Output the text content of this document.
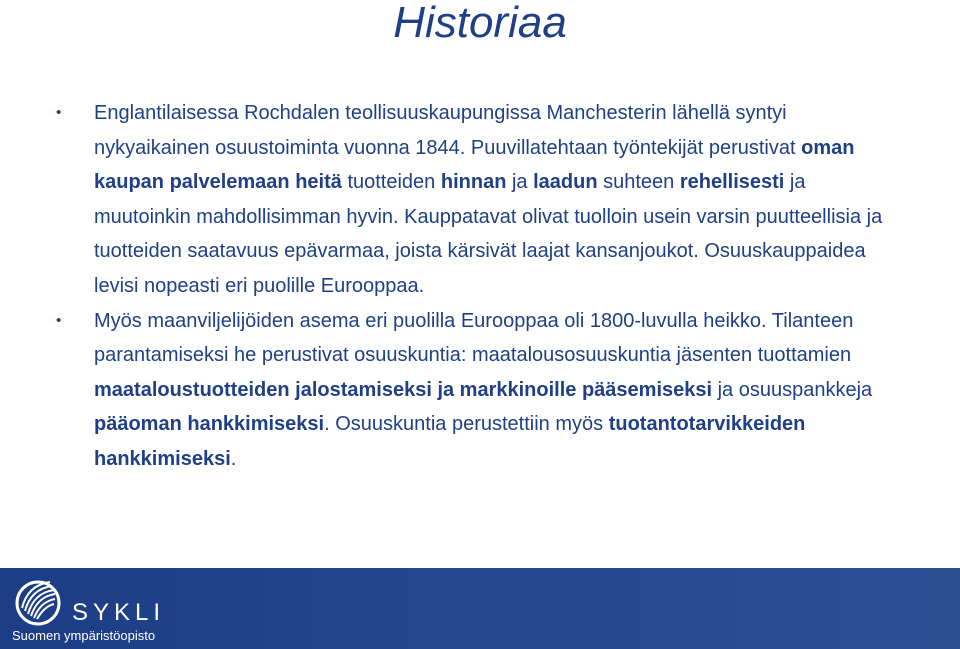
Historiaa
•	Englantilaisessa Rochdalen teollisuuskaupungissa Manchesterin lähellä syntyi nykyaikainen osuustoiminta vuonna 1844. Puuvillatehtaan työntekijät perustivat oman kaupan palvelemaan heitä tuotteiden hinnan ja laadun suhteen rehellisesti ja muutoinkin mahdollisimman hyvin. Kauppatavat olivat tuolloin usein varsin puutteellisia ja tuotteiden saatavuus epävarmaa, joista kärsivät laajat kansanjoukot. Osuuskauppaidea levisi nopeasti eri puolille Eurooppaa.
•	Myös maanviljelijöiden asema eri puolilla Eurooppaa oli 1800-luvulla heikko. Tilanteen parantamiseksi he perustivat osuuskuntia: maatalousosuuskuntia jäsenten tuottamien maataloustuotteiden jalostamiseksi ja markkinoille pääsemiseksi ja osuuspankkeja pääoman hankkimiseksi. Osuuskuntia perustettiin myös tuotantotarvikkeiden hankkimiseksi.
SYKLI
Suomen ympäristöopisto
